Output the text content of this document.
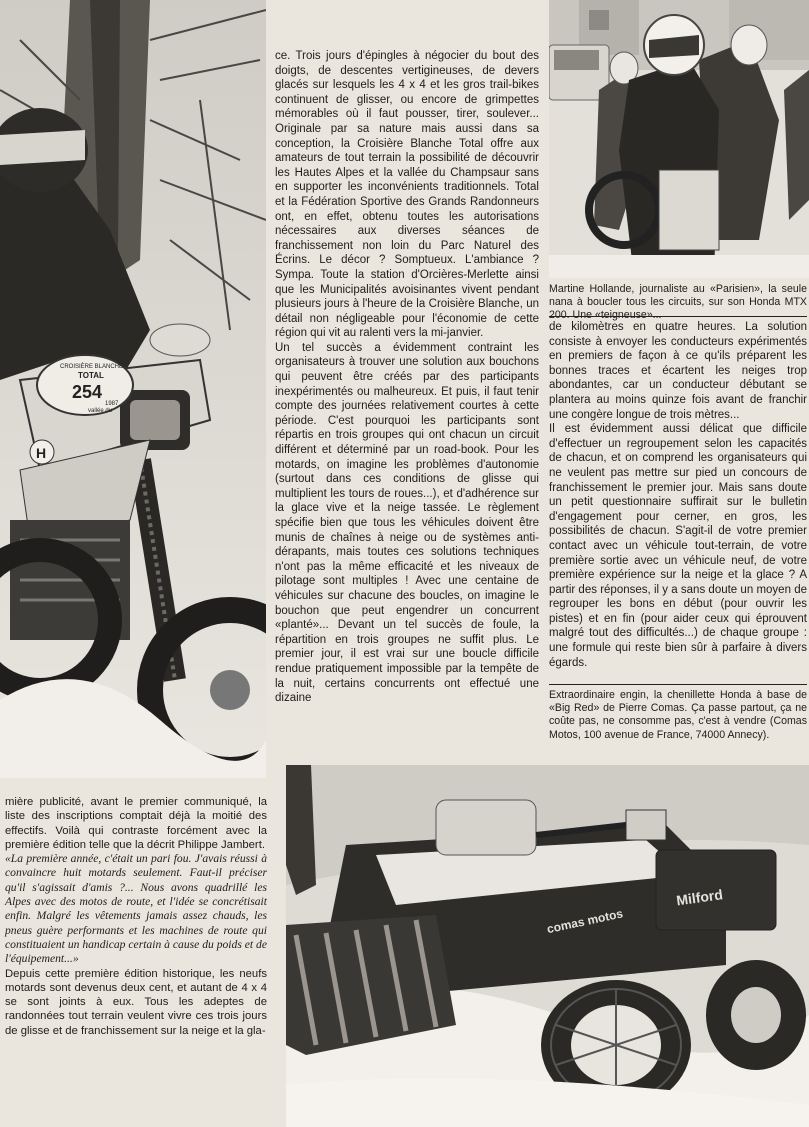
CROISIÈRE BLANCHE
TOTAL
254
1987
vallée du
H
Martine Hollande, journaliste au «Parisien», la seule nana à boucler tous les circuits, sur son Honda MTX

ce. Trois jours d'épingles à négocier du bout des doigts, de descentes vertigineuses, de devers glacés sur lesquels les 4 x 4 et les gros trail-bikes continuent de glisser, ou encore de grimpettes mémorables où il faut pousser, tirer, soulever... Originale par sa nature mais aussi dans sa conception, la Croisière Blanche Total offre aux amateurs de tout terrain la possibilité de découvrir les Hautes Alpes et la vallée du Champsaur sans en supporter les inconvénients traditionnels. Total et la Fédération Sportive des Grands Randonneurs ont, en effet, obtenu toutes les autorisations nécessaires aux diverses séances de franchissement non loin du Parc Naturel des Écrins. Le décor ? Somptueux. L'ambiance ? Sympa. Toute la station d'Orcières-Merlette ainsi que les Municipalités avoisinantes vivent pendant plusieurs jours à l'heure de la Croisière Blanche, un détail non négligeable pour l'économie de cette région qui vit au ralenti vers la mi-janvier.

Un tel succès a évidemment contraint les organisateurs à trouver une solution aux bouchons qui peuvent être créés par des participants inexpérimentés ou malheureux. Et puis, il faut tenir compte des journées relativement courtes à cette période. C'est pourquoi les participants sont répartis en trois groupes qui ont chacun un circuit différent et déterminé par un road-book. Pour les motards, on imagine les problèmes d'autonomie (surtout dans ces conditions de glisse qui multiplient les tours de roues...), et d'adhérence sur la glace vive et la neige tassée. Le règlement spécifie bien que tous les véhicules doivent être munis de chaînes à neige ou de systèmes anti-dérapants, mais toutes ces solutions techniques n'ont pas la même efficacité et les niveaux de pilotage sont multiples ! Avec une centaine de véhicules sur chacune des boucles, on imagine le bouchon que peut engendrer un concurrent «planté»... Devant un tel succès de foule, la répartition en trois groupes ne suffit plus. Le premier jour, il est vrai sur une boucle difficile rendue pratiquement impossible par la tempête de la nuit, certains concurrents ont effectué une dizaine

de kilomètres en quatre heures. La solution consiste à envoyer les conducteurs expérimentés en premiers de façon à ce qu'ils préparent les bonnes traces et écartent les neiges trop abondantes, car un conducteur débutant se plantera au moins quinze fois avant de franchir une congère longue de trois mètres...

Il est évidemment aussi délicat que difficile d'effectuer un regroupement selon les capacités de chacun, et on comprend les organisateurs qui ne veulent pas mettre sur pied un concours de franchissement le premier jour. Mais sans doute un petit questionnaire suffirait sur le bulletin d'engagement pour cerner, en gros, les possibilités de chacun. S'agit-il de votre premier contact avec un véhicule tout-terrain, de votre première sortie avec un véhicule neuf, de votre première expérience sur la neige et la glace ? A partir des réponses, il y a sans doute un moyen de regrouper les bons en début (pour ouvrir les pistes) et en fin (pour aider ceux qui éprouvent malgré tout des difficultés...) de chaque groupe : une formule qui reste bien sûr à parfaire à divers égards.

Extraordinaire engin, la chenillette Honda à base de «Big Red» de Pierre Comas. Ça passe partout, ça ne coûte pas, ne consomme pas, c'est à vendre (Comas Motos, 100 avenue de France, 74000 Annecy).

mière publicité, avant le premier communiqué, la liste des inscriptions comptait déjà la moitié des effectifs. Voilà qui contraste forcément avec la première édition telle que la décrit Philippe Jambert.

«La première année, c'était un pari fou. J'avais réussi à convaincre huit motards seulement. Faut-il préciser qu'il s'agissait d'amis ?... Nous avons quadrillé les Alpes avec des motos de route, et l'idée se concrétisait enfin. Malgré les vêtements jamais assez chauds, les pneus guère performants et les machines de route qui constituaient un handicap certain à cause du poids et de l'équipement...»

Depuis cette première édition historique, les neufs motards sont devenus deux cent, et autant de 4 x 4 se sont joints à eux. Tous les adeptes de randonnées tout terrain veulent vivre ces trois jours de glisse et de franchissement sur la neige et la gla-

Milford
comas motos
